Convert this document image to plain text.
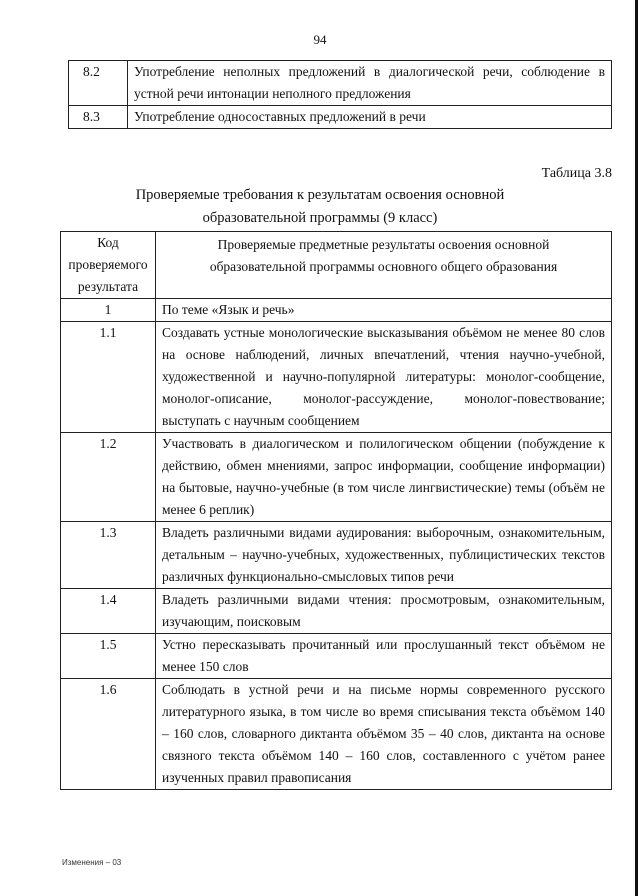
94
8.2	Употребление неполных предложений в диалогической речи, соблюдение в устной речи интонации неполного предложения
8.3	Употребление односоставных предложений в речи
Таблица 3.8
Проверяемые требования к результатам освоения основной
образовательной программы (9 класс)
Код проверяемого результата	Проверяемые предметные результаты освоения основной образовательной программы основного общего образования
1	По теме «Язык и речь»
1.1	Создавать устные монологические высказывания объёмом не менее 80 слов на основе наблюдений, личных впечатлений, чтения научно-учебной, художественной и научно-популярной литературы: монолог-сообщение, монолог-описание, монолог-рассуждение, монолог-повествование; выступать с научным сообщением
1.2	Участвовать в диалогическом и полилогическом общении (побуждение к действию, обмен мнениями, запрос информации, сообщение информации) на бытовые, научно-учебные (в том числе лингвистические) темы (объём не менее 6 реплик)
1.3	Владеть различными видами аудирования: выборочным, ознакомительным, детальным – научно-учебных, художественных, публицистических текстов различных функционально-смысловых типов речи
1.4	Владеть различными видами чтения: просмотровым, ознакомительным, изучающим, поисковым
1.5	Устно пересказывать прочитанный или прослушанный текст объёмом не менее 150 слов
1.6	Соблюдать в устной речи и на письме нормы современного русского литературного языка, в том числе во время списывания текста объёмом 140 – 160 слов, словарного диктанта объёмом 35 – 40 слов, диктанта на основе связного текста объёмом 140 – 160 слов, составленного с учётом ранее изученных правил правописания
Изменения – 03
